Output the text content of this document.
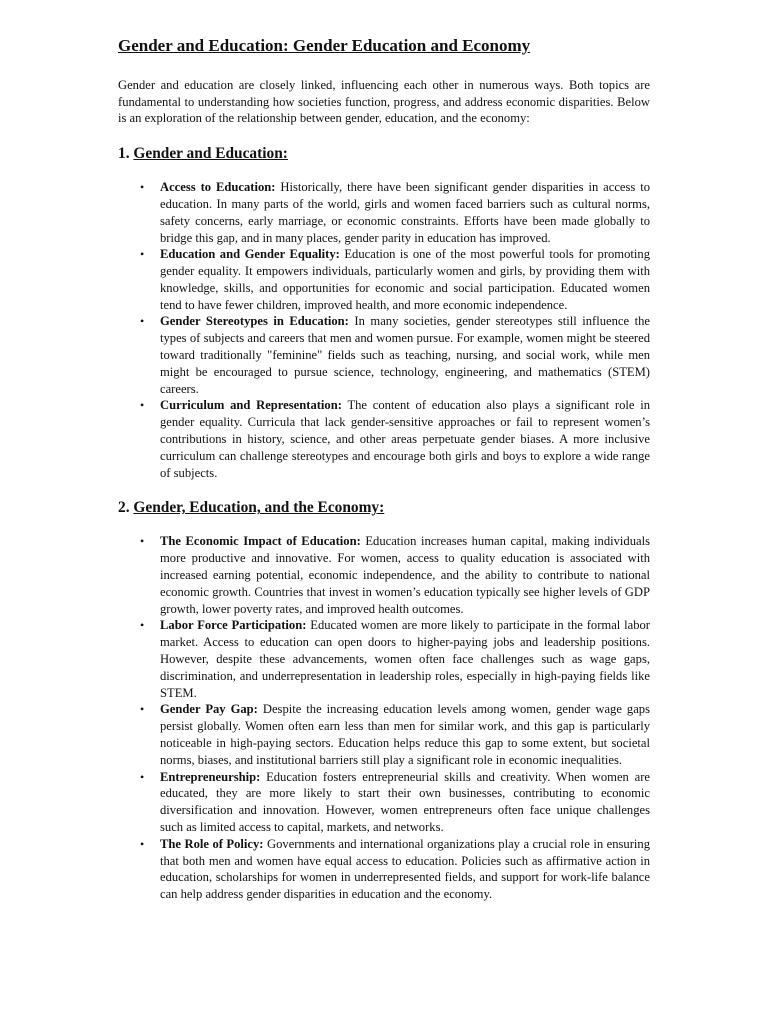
Gender and Education: Gender Education and Economy

Gender and education are closely linked, influencing each other in numerous ways. Both topics are fundamental to understanding how societies function, progress, and address economic disparities. Below is an exploration of the relationship between gender, education, and the economy:

1. Gender and Education:
• Access to Education: Historically, there have been significant gender disparities in access to education. In many parts of the world, girls and women faced barriers such as cultural norms, safety concerns, early marriage, or economic constraints. Efforts have been made globally to bridge this gap, and in many places, gender parity in education has improved.
• Education and Gender Equality: Education is one of the most powerful tools for promoting gender equality. It empowers individuals, particularly women and girls, by providing them with knowledge, skills, and opportunities for economic and social participation. Educated women tend to have fewer children, improved health, and more economic independence.
• Gender Stereotypes in Education: In many societies, gender stereotypes still influence the types of subjects and careers that men and women pursue. For example, women might be steered toward traditionally "feminine" fields such as teaching, nursing, and social work, while men might be encouraged to pursue science, technology, engineering, and mathematics (STEM) careers.
• Curriculum and Representation: The content of education also plays a significant role in gender equality. Curricula that lack gender-sensitive approaches or fail to represent women’s contributions in history, science, and other areas perpetuate gender biases. A more inclusive curriculum can challenge stereotypes and encourage both girls and boys to explore a wide range of subjects.
2. Gender, Education, and the Economy:
• The Economic Impact of Education: Education increases human capital, making individuals more productive and innovative. For women, access to quality education is associated with increased earning potential, economic independence, and the ability to contribute to national economic growth. Countries that invest in women’s education typically see higher levels of GDP growth, lower poverty rates, and improved health outcomes.
• Labor Force Participation: Educated women are more likely to participate in the formal labor market. Access to education can open doors to higher-paying jobs and leadership positions. However, despite these advancements, women often face challenges such as wage gaps, discrimination, and underrepresentation in leadership roles, especially in high-paying fields like STEM.
• Gender Pay Gap: Despite the increasing education levels among women, gender wage gaps persist globally. Women often earn less than men for similar work, and this gap is particularly noticeable in high-paying sectors. Education helps reduce this gap to some extent, but societal norms, biases, and institutional barriers still play a significant role in economic inequalities.
• Entrepreneurship: Education fosters entrepreneurial skills and creativity. When women are educated, they are more likely to start their own businesses, contributing to economic diversification and innovation. However, women entrepreneurs often face unique challenges such as limited access to capital, markets, and networks.
• The Role of Policy: Governments and international organizations play a crucial role in ensuring that both men and women have equal access to education. Policies such as affirmative action in education, scholarships for women in underrepresented fields, and support for work-life balance can help address gender disparities in education and the economy.
